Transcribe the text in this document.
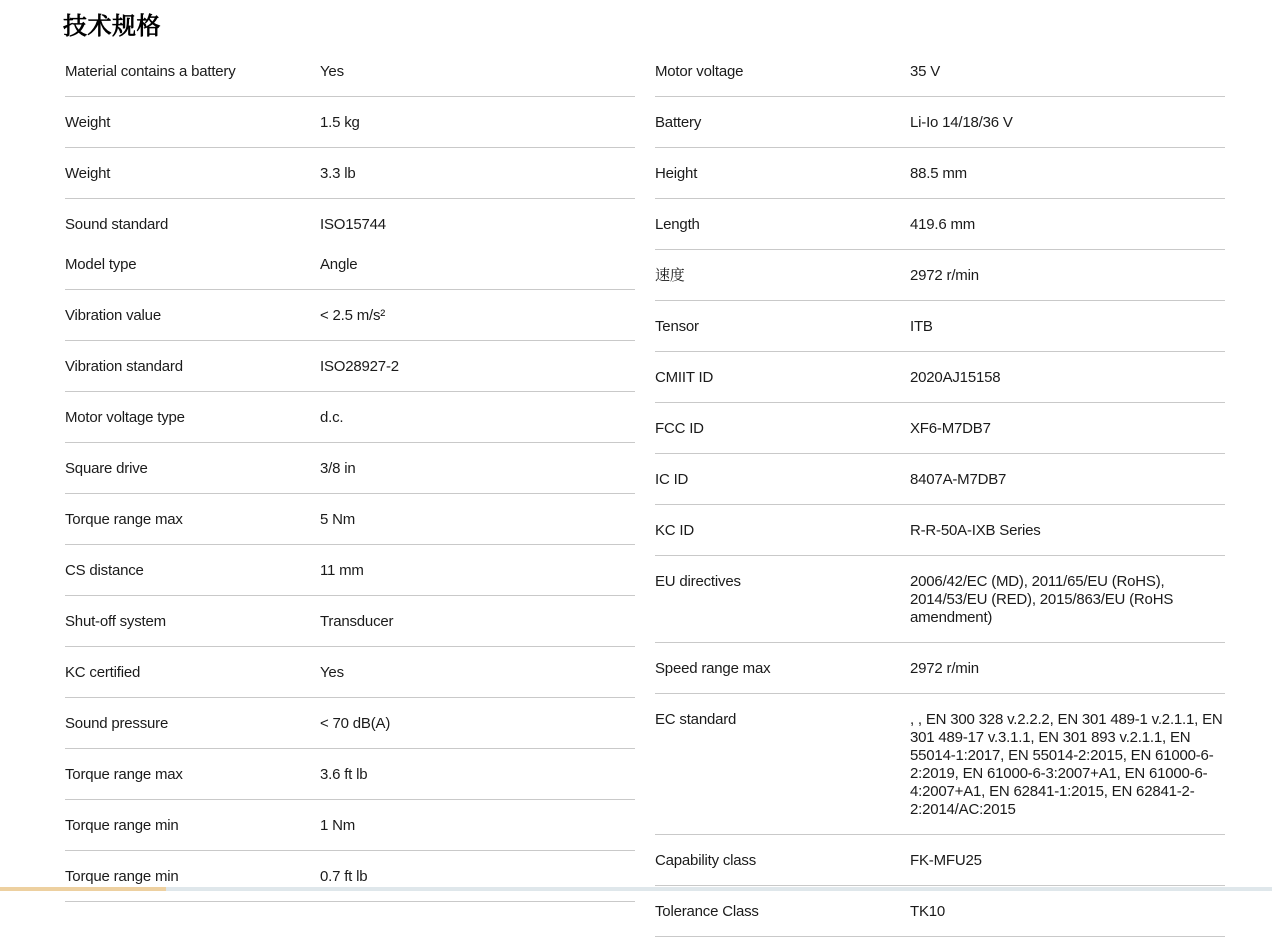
技术规格
Material contains a battery	Yes
Weight	1.5 kg
Weight	3.3 lb
Sound standard	ISO15744
Model type	Angle
Vibration value	< 2.5 m/s²
Vibration standard	ISO28927-2
Motor voltage type	d.c.
Square drive	3/8 in
Torque range max	5 Nm
CS distance	11 mm
Shut-off system	Transducer
KC certified	Yes
Sound pressure	< 70 dB(A)
Torque range max	3.6 ft lb
Torque range min	1 Nm
Torque range min	0.7 ft lb
Motor voltage	35 V
Battery	Li-Io 14/18/36 V
Height	88.5 mm
Length	419.6 mm
速度	2972 r/min
Tensor	ITB
CMIIT ID	2020AJ15158
FCC ID	XF6-M7DB7
IC ID	8407A-M7DB7
KC ID	R-R-50A-IXB Series
EU directives	2006/42/EC (MD), 2011/65/EU (RoHS), 2014/53/EU (RED), 2015/863/EU (RoHS amendment)
Speed range max	2972 r/min
EC standard	, , EN 300 328 v.2.2.2, EN 301 489-1 v.2.1.1, EN 301 489-17 v.3.1.1, EN 301 893 v.2.1.1, EN 55014-1:2017, EN 55014-2:2015, EN 61000-6-2:2019, EN 61000-6-3:2007+A1, EN 61000-6-4:2007+A1, EN 62841-1:2015, EN 62841-2-2:2014/AC:2015
Capability class	FK-MFU25
Tolerance Class	TK10
